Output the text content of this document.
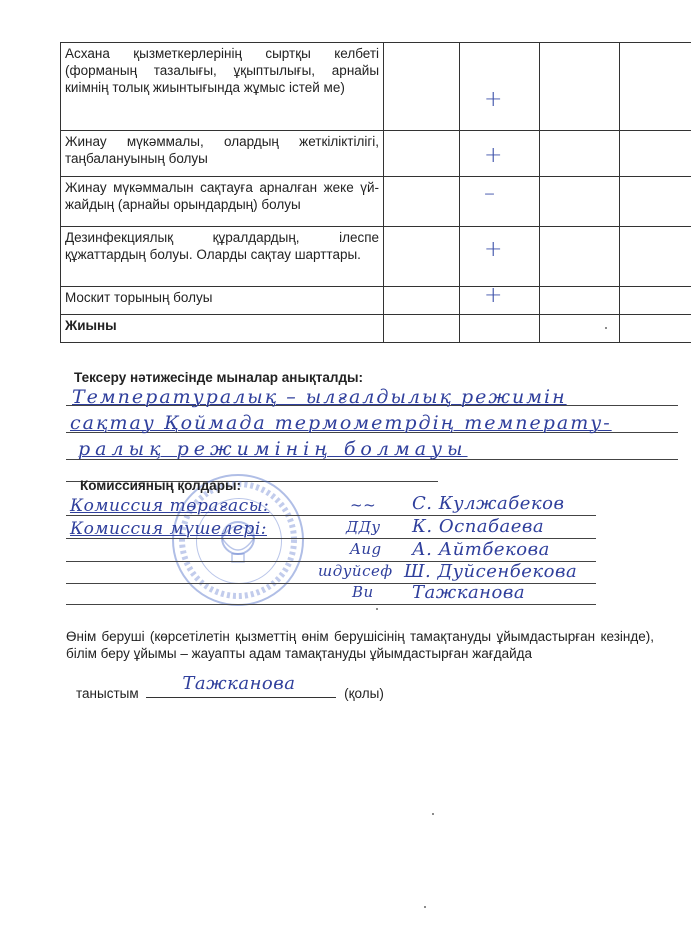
Асхана қызметкерлерінің сыртқы келбеті (форманың тазалығы, ұқыптылығы, арнайы киімнің толық жиынтығында жұмыс істей ме)		+		

Жинау мүкәммалы, олардың жеткіліктілігі, таңбалануының болуы		+		

Жинау мүкәммалын сақтауға арналған жеке үй-жайдың (арнайы орындардың) болуы		–		

Дезинфекциялық құралдардың, ілеспе құжаттардың болуы. Оларды сақтау шарттары.		+		

Москит торының болуы		+		

Жиыны		

Тексеру нәтижесінде мыналар анықталды:
Температуралық – ылғалдылық режимін
сақтау Қоймада термометрдің температу-
ралық режимінің болмауы
Комиссияның қолдары:
Комиссия төрағасы:	~~ С. Кулжабеков
Комиссия мүшелері:	ДДу К. Оспабаева
Aug А. Айтбекова
шдуйсеф Ш. Дуйсенбекова
Bu Тажканова
Өнім беруші (көрсетілетін қызметтің өнім берушісінің тамақтануды ұйымдастырған кезінде), білім беру ұйымы – жауапты адам тамақтануды ұйымдастырған жағдайда
таныстым Тажканова	(қолы)
